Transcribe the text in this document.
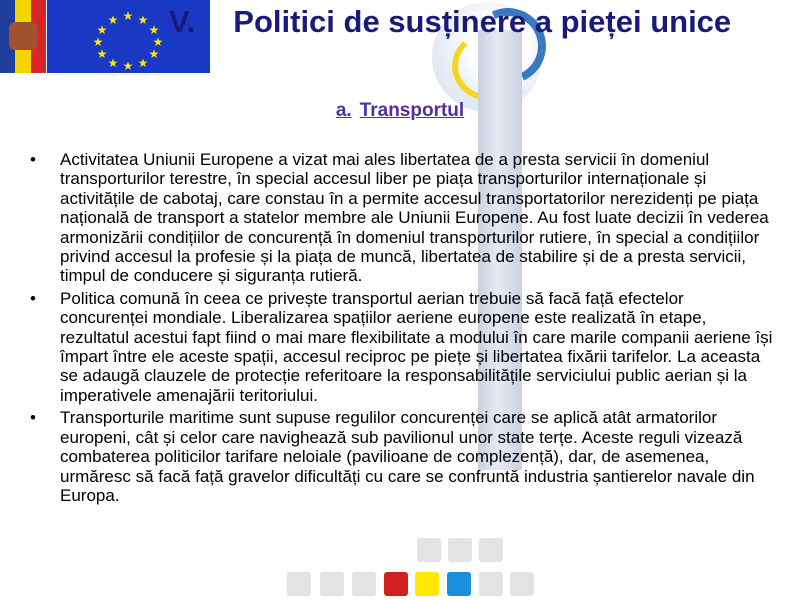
★ ★
★
★
★
★
★
★
★
★
★
★	V. Politici de susținere a pieței unice
a. Transportul
• Activitatea Uniunii Europene a vizat mai ales libertatea de a presta servicii în domeniul transporturilor terestre, în special accesul liber pe piața transporturilor internaționale și activitățile de cabotaj, care constau în a permite accesul transportatorilor nerezidenți pe piața națională de transport a statelor membre ale Uniunii Europene. Au fost luate decizii în vederea armonizării condițiilor de concurență în domeniul transporturilor rutiere, în special a condițiilor privind accesul la profesie și la piața de muncă, libertatea de stabilire și de a presta servicii, timpul de conducere și siguranța rutieră.
• Politica comună în ceea ce privește transportul aerian trebuie să facă față efectelor concurenței mondiale. Liberalizarea spațiilor aeriene europene este realizată în etape, rezultatul acestui fapt fiind o mai mare flexibilitate a modului în care marile companii aeriene își împart între ele aceste spații, accesul reciproc pe piețe și libertatea fixării tarifelor. La aceasta se adaugă clauzele de protecție referitoare la responsabilitățile serviciului public aerian și la imperativele amenajării teritoriului.
• Transporturile maritime sunt supuse regulilor concurenței care se aplică atât armatorilor europeni, cât și celor care navighează sub pavilionul unor state terțe. Aceste reguli vizează combaterea politicilor tarifare neloiale (pavilioane de complezență), dar, de asemenea, urmăresc să facă față gravelor dificultăți cu care se confruntă industria șantierelor navale din Europa.
